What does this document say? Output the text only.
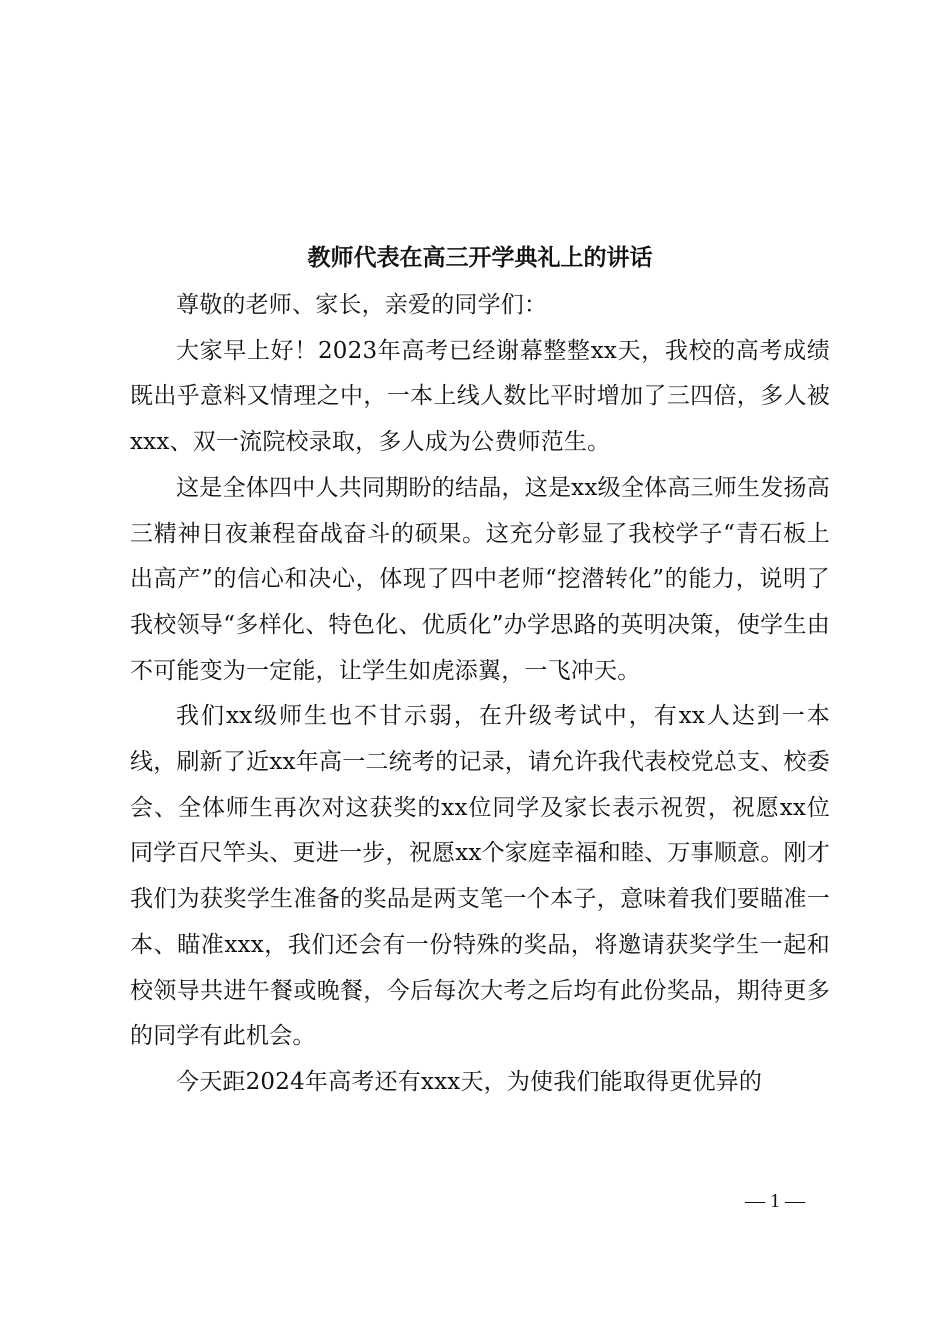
教师代表在高三开学典礼上的讲话

尊敬的老师、家长，亲爱的同学们：

大家早上好！2023年高考已经谢幕整整xx天，我校的高考成绩既出乎意料又情理之中，一本上线人数比平时增加了三四倍，多人被xxx、双一流院校录取，多人成为公费师范生。

这是全体四中人共同期盼的结晶，这是xx级全体高三师生发扬高三精神日夜兼程奋战奋斗的硕果。这充分彰显了我校学子“青石板上出高产”的信心和决心，体现了四中老师“挖潜转化”的能力，说明了我校领导“多样化、特色化、优质化”办学思路的英明决策，使学生由不可能变为一定能，让学生如虎添翼，一飞冲天。

我们xx级师生也不甘示弱，在升级考试中，有xx人达到一本线，刷新了近xx年高一二统考的记录，请允许我代表校党总支、校委会、全体师生再次对这获奖的xx位同学及家长表示祝贺，祝愿xx位同学百尺竿头、更进一步，祝愿xx个家庭幸福和睦、万事顺意。刚才我们为获奖学生准备的奖品是两支笔一个本子，意味着我们要瞄准一本、瞄准xxx，我们还会有一份特殊的奖品，将邀请获奖学生一起和校领导共进午餐或晚餐，今后每次大考之后均有此份奖品，期待更多的同学有此机会。

今天距2024年高考还有xxx天，为使我们能取得更优异的

— 1 —
